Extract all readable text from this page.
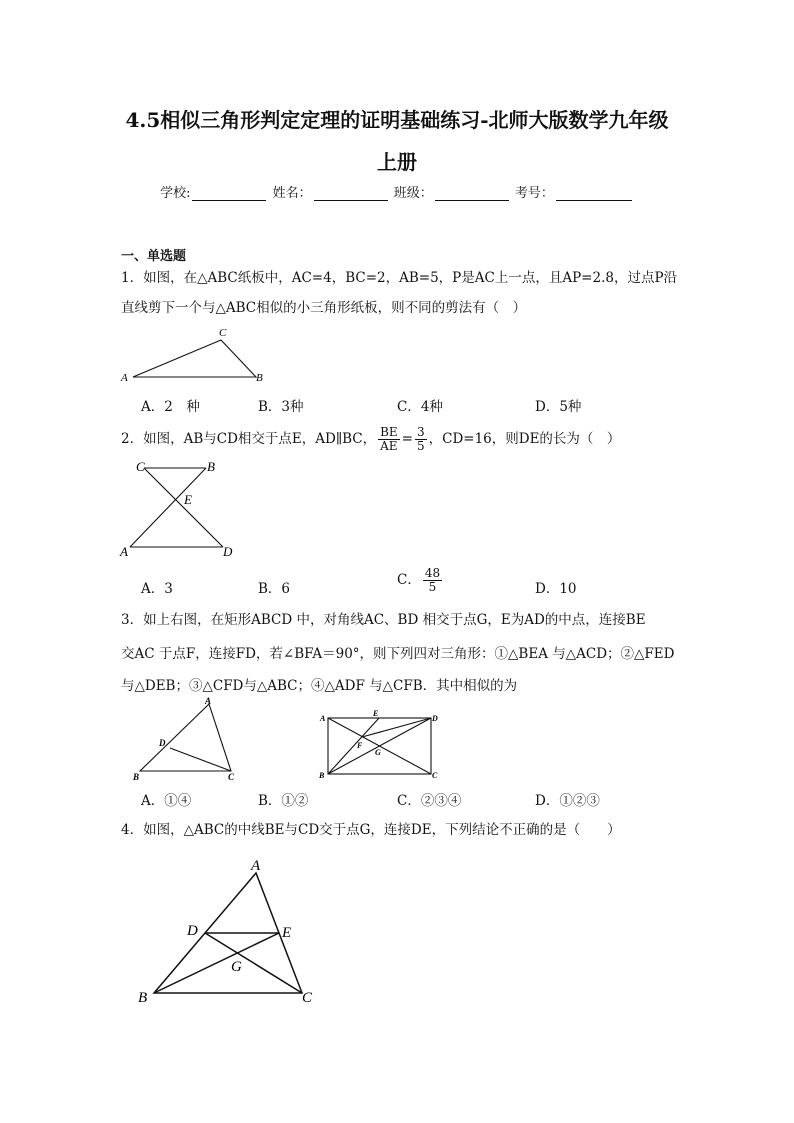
4.5相似三角形判定定理的证明基础练习-北师大版数学九年级
上册
学校:	姓名：	班级：	考号：
一、单选题
1．如图，在△ABC纸板中，AC=4，BC=2，AB=5，P是AC上一点，且AP=2.8，过点P沿
直线剪下一个与△ABC相似的小三角形纸板，则不同的剪法有（　）
A
C
B
A．2　种	B．3种	C．4种	D．5种
2．如图，AB与CD相交于点E，AD∥BC， $\frac{BE}{AE} = \frac{3}{5}$ ，CD=16，则DE的长为（　）
C	B
E
A	D
A．3	B．6
C． $\frac{48}{5}$	D．10
3．如上右图，在矩形ABCD 中，对角线AC、BD 相交于点G，E为AD的中点，连接BE
交AC 于点F，连接FD，若∠BFA＝90°，则下列四对三角形：①△BEA 与△ACD；②△FED
与△DEB；③△CFD与△ABC；④△ADF 与△CFB．其中相似的为
A
D
B	C
A
E
D
F
G
B	C
A．①④	B．①②	C．②③④	D．①②③
4．如图，△ABC的中线BE与CD交于点G，连接DE，下列结论不正确的是（　　）
A
D	E
G
B	C
